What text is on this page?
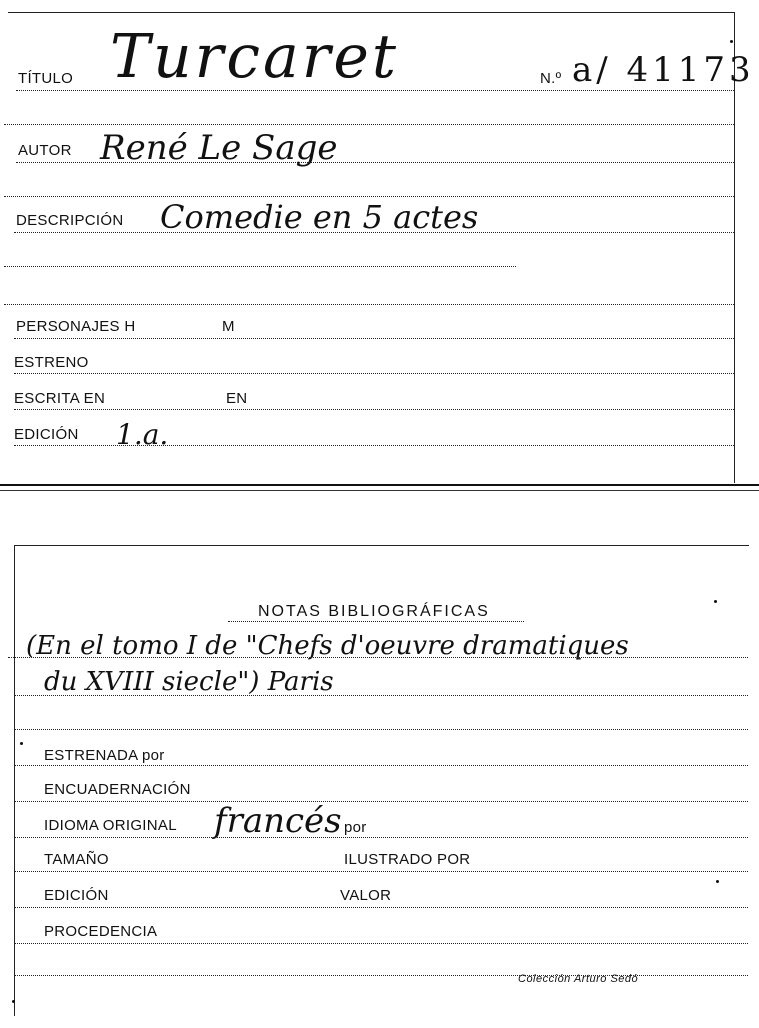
TÍTULO Turcaret	N.º a/ 41173
AUTOR René Le Sage
DESCRIPCIÓN Comedie en 5 actes
PERSONAJES H	M
ESTRENO
ESCRITA EN	EN
EDICIÓN 1.a.
NOTAS BIBLIOGRÁFICAS
(En el tomo I de "Chefs d'oeuvre dramatiques
du XVIII siecle") Paris
ESTRENADA por
ENCUADERNACIÓN
IDIOMA ORIGINAL francés por
TAMAÑO	ILUSTRADO POR
EDICIÓN	VALOR
PROCEDENCIA
Colección Arturo Sedó
